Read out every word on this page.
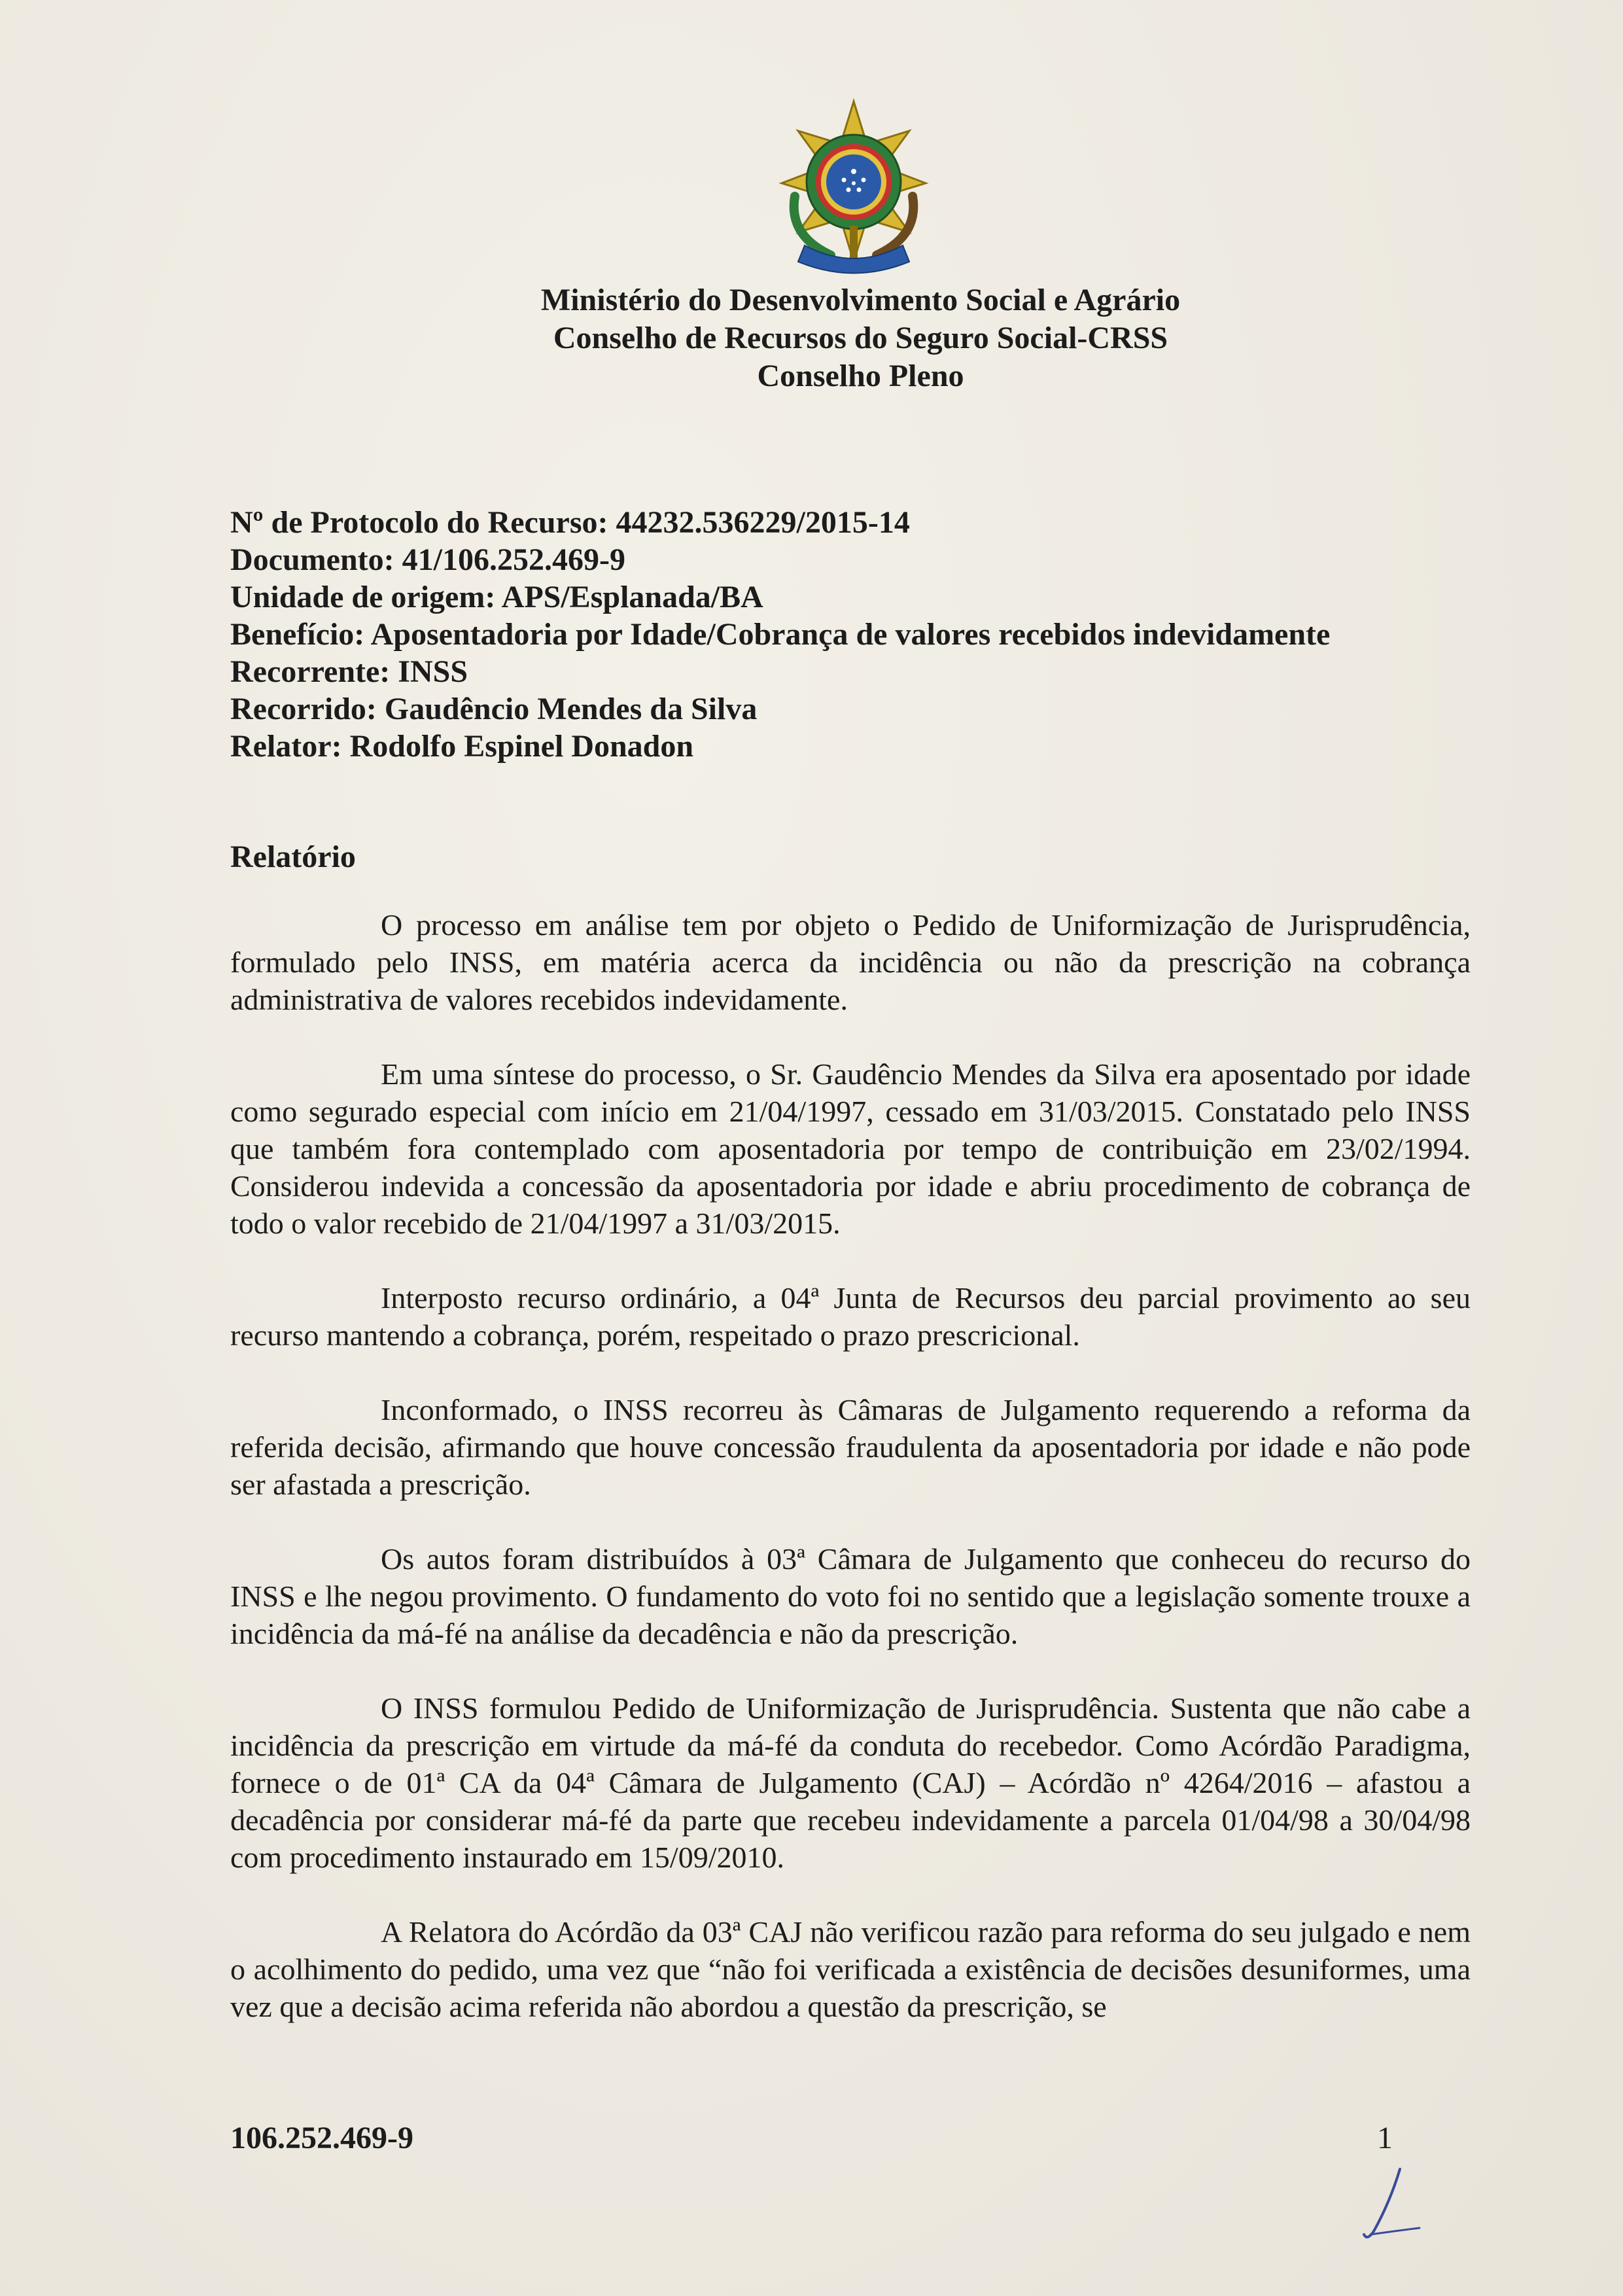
Ministério do Desenvolvimento Social e Agrário
Conselho de Recursos do Seguro Social-CRSS
Conselho Pleno
Nº de Protocolo do Recurso: 44232.536229/2015-14
Documento: 41/106.252.469-9
Unidade de origem: APS/Esplanada/BA
Benefício: Aposentadoria por Idade/Cobrança de valores recebidos indevidamente
Recorrente: INSS
Recorrido: Gaudêncio Mendes da Silva
Relator: Rodolfo Espinel Donadon
Relatório

O processo em análise tem por objeto o Pedido de Uniformização de Jurisprudência, formulado pelo INSS, em matéria acerca da incidência ou não da prescrição na cobrança administrativa de valores recebidos indevidamente.

Em uma síntese do processo, o Sr. Gaudêncio Mendes da Silva era aposentado por idade como segurado especial com início em 21/04/1997, cessado em 31/03/2015. Constatado pelo INSS que também fora contemplado com aposentadoria por tempo de contribuição em 23/02/1994. Considerou indevida a concessão da aposentadoria por idade e abriu procedimento de cobrança de todo o valor recebido de 21/04/1997 a 31/03/2015.

Interposto recurso ordinário, a 04ª Junta de Recursos deu parcial provimento ao seu recurso mantendo a cobrança, porém, respeitado o prazo prescricional.

Inconformado, o INSS recorreu às Câmaras de Julgamento requerendo a reforma da referida decisão, afirmando que houve concessão fraudulenta da aposentadoria por idade e não pode ser afastada a prescrição.

Os autos foram distribuídos à 03ª Câmara de Julgamento que conheceu do recurso do INSS e lhe negou provimento. O fundamento do voto foi no sentido que a legislação somente trouxe a incidência da má-fé na análise da decadência e não da prescrição.

O INSS formulou Pedido de Uniformização de Jurisprudência. Sustenta que não cabe a incidência da prescrição em virtude da má-fé da conduta do recebedor. Como Acórdão Paradigma, fornece o de 01ª CA da 04ª Câmara de Julgamento (CAJ) – Acórdão nº 4264/2016 – afastou a decadência por considerar má-fé da parte que recebeu indevidamente a parcela 01/04/98 a 30/04/98 com procedimento instaurado em 15/09/2010.

A Relatora do Acórdão da 03ª CAJ não verificou razão para reforma do seu julgado e nem o acolhimento do pedido, uma vez que “não foi verificada a existência de decisões desuniformes, uma vez que a decisão acima referida não abordou a questão da prescrição, se

106.252.469-9	1
